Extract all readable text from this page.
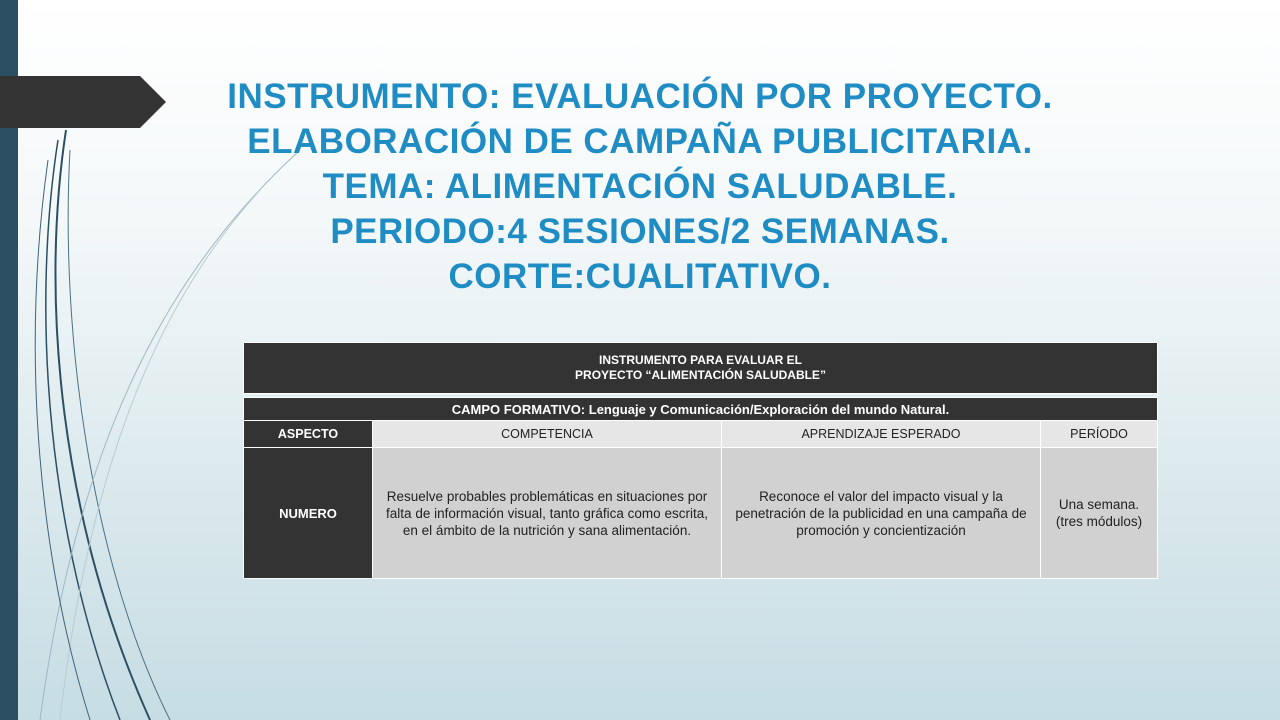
INSTRUMENTO: EVALUACIÓN POR PROYECTO.
ELABORACIÓN DE CAMPAÑA PUBLICITARIA.
TEMA: ALIMENTACIÓN SALUDABLE.
PERIODO:4 SESIONES/2 SEMANAS.
CORTE:CUALITATIVO.
INSTRUMENTO PARA EVALUAR EL
PROYECTO “ALIMENTACIÓN SALUDABLE”			

CAMPO FORMATIVO: Lenguaje y Comunicación/Exploración del mundo Natural.			
ASPECTO	COMPETENCIA	APRENDIZAJE ESPERADO	PERÍODO
NUMERO	Resuelve probables problemáticas en situaciones por falta de información visual, tanto gráfica como escrita, en el ámbito de la nutrición y sana alimentación.	Reconoce el valor del impacto visual y la penetración de la publicidad en una campaña de promoción y concientización	Una semana. (tres módulos)
